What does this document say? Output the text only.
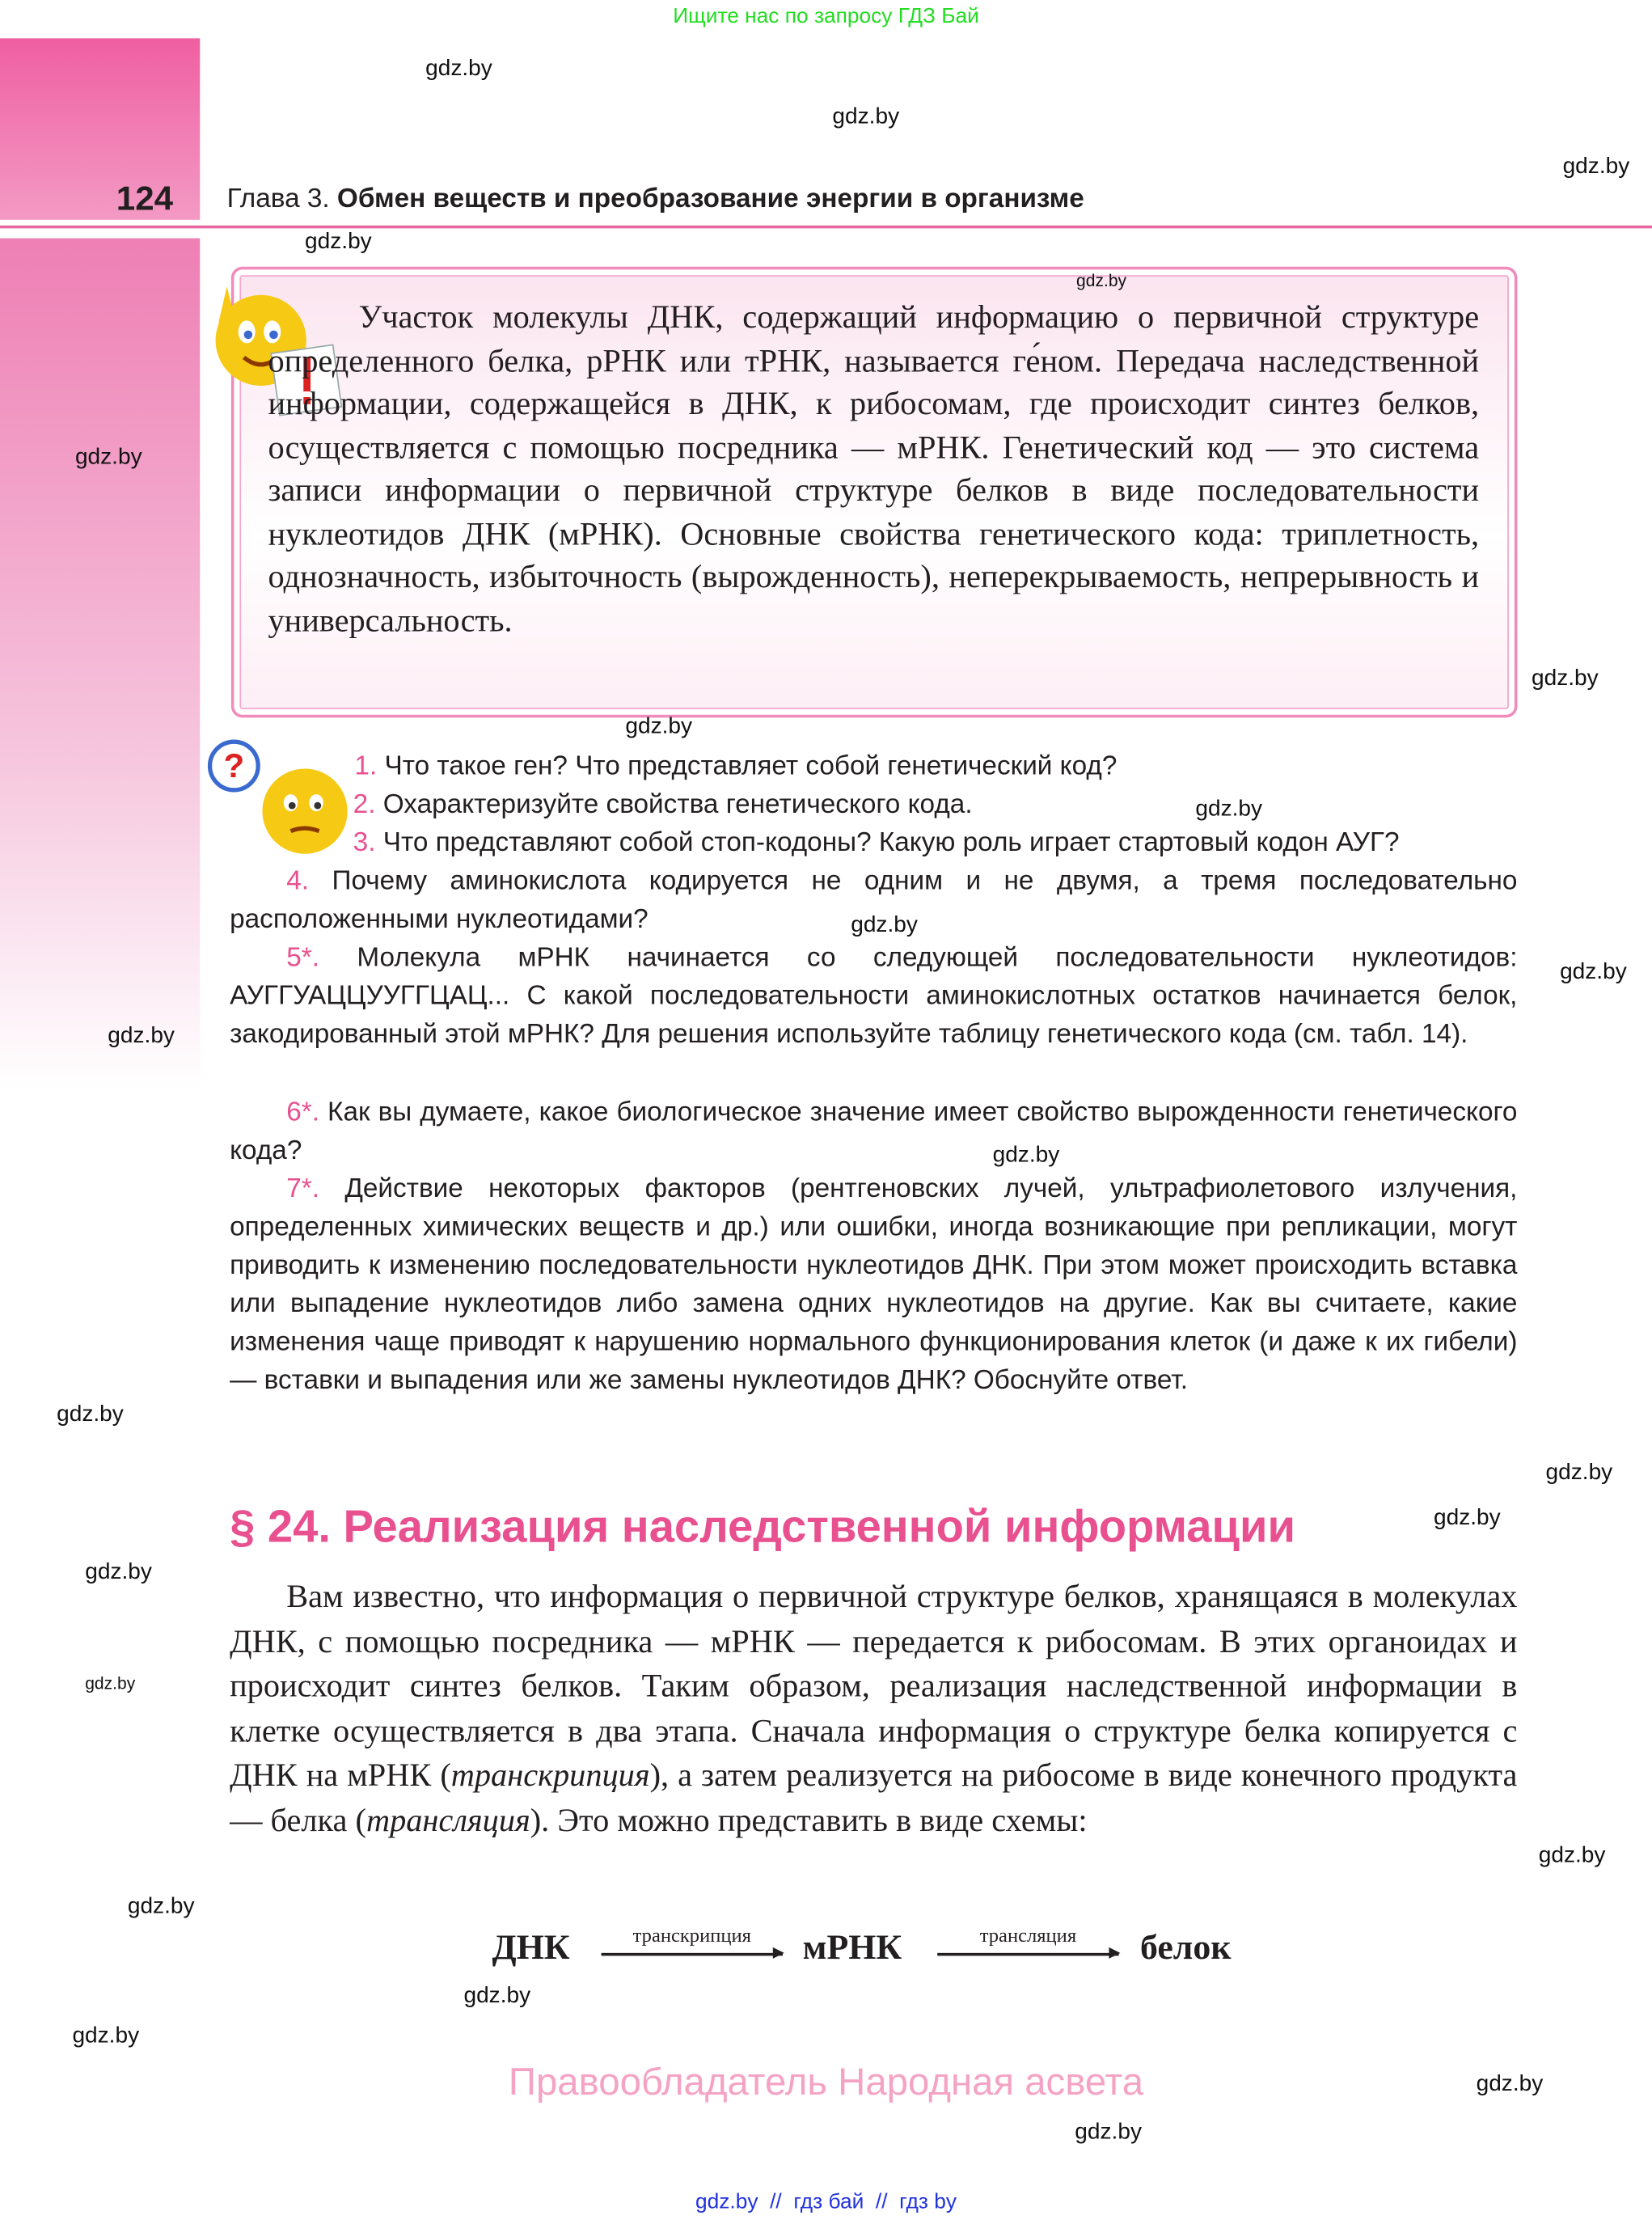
Ищите нас по запросу ГДЗ Бай
124	Глава 3. Обмен веществ и преобразование энергии в организме

Участок молекулы ДНК, содержащий информацию о первичной структуре определенного белка, рРНК или тРНК, называется ге́ном. Передача наследственной информации, содержащейся в ДНК, к рибосомам, где происходит синтез белков, осуществляется с помощью посредника — мРНК. Генетический код — это система записи информации о первичной структуре белков в виде последовательности нуклеотидов ДНК (мРНК). Основные свойства генетического кода: триплетность, однозначность, избыточность (вырожденность), неперекрываемость, непрерывность и универсальность.

?	1. Что такое ген? Что представляет собой генетический код?
2. Охарактеризуйте свойства генетического кода.
3. Что представляют собой стоп-кодоны? Какую роль играет стартовый кодон АУГ?
4. Почему аминокислота кодируется не одним и не двумя, а тремя последовательно расположенными нуклеотидами?
5*. Молекула мРНК начинается со следующей последовательности нуклеотидов: АУГГУАЦЦУУГГЦАЦ... С какой последовательности аминокислотных остатков начинается белок, закодированный этой мРНК? Для решения используйте таблицу генетического кода (см. табл. 14).
6*. Как вы думаете, какое биологическое значение имеет свойство вырожденности генетического кода?
7*. Действие некоторых факторов (рентгеновских лучей, ультрафиолетового излучения, определенных химических веществ и др.) или ошибки, иногда возникающие при репликации, могут приводить к изменению последовательности нуклеотидов ДНК. При этом может происходить вставка или выпадение нуклеотидов либо замена одних нуклеотидов на другие. Как вы считаете, какие изменения чаще приводят к нарушению нормального функционирования клеток (и даже к их гибели) — вставки и выпадения или же замены нуклеотидов ДНК? Обоснуйте ответ.
§ 24. Реализация наследственной информации

Вам известно, что информация о первичной структуре белков, хранящаяся в молекулах ДНК, с помощью посредника — мРНК — передается к рибосомам. В этих органоидах и происходит синтез белков. Таким образом, реализация наследственной информации в клетке осуществляется в два этапа. Сначала информация о структуре белка копируется с ДНК на мРНК (транскрипция), а затем реализуется на рибосоме в виде конечного продукта — белка (трансляция). Это можно представить в виде схемы:

ДНК	транскрипция	мРНК	трансляция	белок
Правообладатель Народная асвета
gdz.by  //  гдз бай  //  гдз by
gdz.by
gdz.by
gdz.by
gdz.by
gdz.by
gdz.by
gdz.by
gdz.by
gdz.by
gdz.by
gdz.by
gdz.by
gdz.by
gdz.by
gdz.by
gdz.by
gdz.by
gdz.by
gdz.by
gdz.by
gdz.by
gdz.by
gdz.by
gdz.by
